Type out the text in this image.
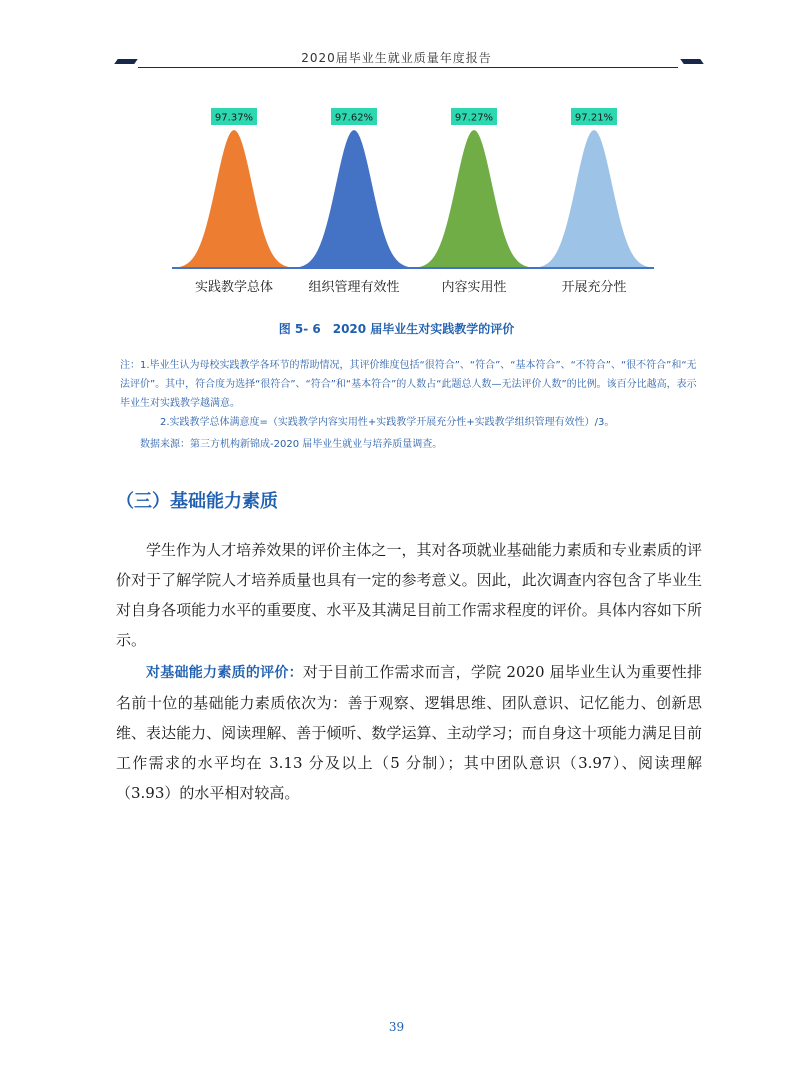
2020届毕业生就业质量年度报告
97.37%
实践教学总体
97.62%
组织管理有效性
97.27%
内容实用性
97.21%
开展充分性
图 5- 6　2020 届毕业生对实践教学的评价

注：1.毕业生认为母校实践教学各环节的帮助情况，其评价维度包括“很符合”、“符合”、“基本符合”、“不符合”、“很不符合”和“无法评价”。其中，符合度为选择“很符合”、“符合”和“基本符合”的人数占“此题总人数—无法评价人数”的比例。该百分比越高，表示毕业生对实践教学越满意。

2.实践教学总体满意度=（实践教学内容实用性+实践教学开展充分性+实践教学组织管理有效性）/3。

数据来源：第三方机构新锦成-2020 届毕业生就业与培养质量调查。

（三）基础能力素质

学生作为人才培养效果的评价主体之一，其对各项就业基础能力素质和专业素质的评价对于了解学院人才培养质量也具有一定的参考意义。因此，此次调查内容包含了毕业生对自身各项能力水平的重要度、水平及其满足目前工作需求程度的评价。具体内容如下所示。

对基础能力素质的评价：对于目前工作需求而言，学院 2020 届毕业生认为重要性排名前十位的基础能力素质依次为：善于观察、逻辑思维、团队意识、记忆能力、创新思维、表达能力、阅读理解、善于倾听、数学运算、主动学习；而自身这十项能力满足目前工作需求的水平均在 3.13 分及以上（5 分制）；其中团队意识（3.97）、阅读理解（3.93）的水平相对较高。

39
